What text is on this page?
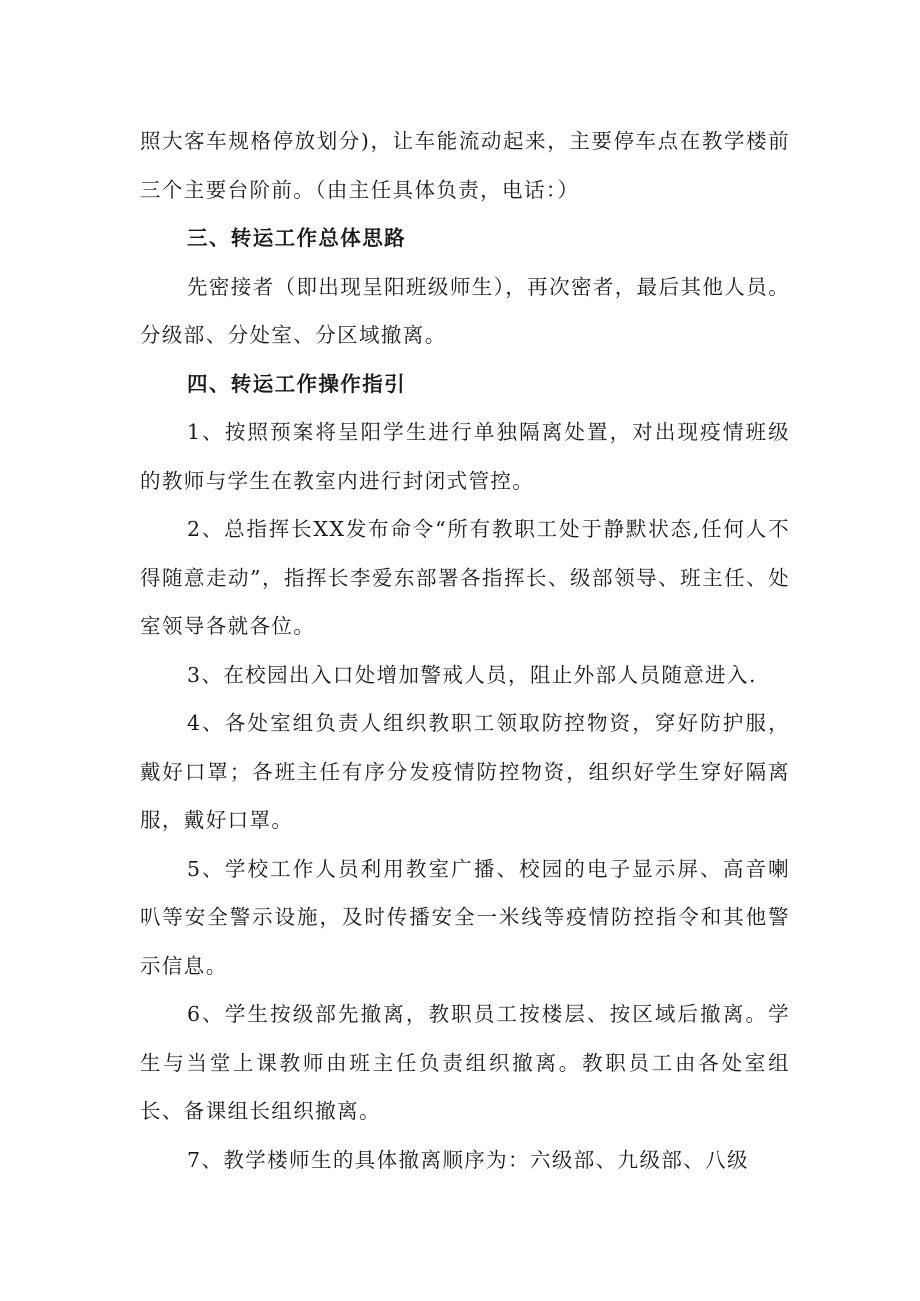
照大客车规格停放划分)，让车能流动起来，主要停车点在教学楼前三个主要台阶前。（由主任具体负责，电话：）

三、转运工作总体思路

先密接者（即出现呈阳班级师生），再次密者，最后其他人员。分级部、分处室、分区域撤离。

四、转运工作操作指引

1、按照预案将呈阳学生进行单独隔离处置，对出现疫情班级的教师与学生在教室内进行封闭式管控。

2、总指挥长XX发布命令“所有教职工处于静默状态,任何人不得随意走动”，指挥长李爱东部署各指挥长、级部领导、班主任、处室领导各就各位。

3、在校园出入口处增加警戒人员，阻止外部人员随意进入.

4、各处室组负责人组织教职工领取防控物资，穿好防护服，戴好口罩；各班主任有序分发疫情防控物资，组织好学生穿好隔离服，戴好口罩。

5、学校工作人员利用教室广播、校园的电子显示屏、高音喇叭等安全警示设施，及时传播安全一米线等疫情防控指令和其他警示信息。

6、学生按级部先撤离，教职员工按楼层、按区域后撤离。学生与当堂上课教师由班主任负责组织撤离。教职员工由各处室组长、备课组长组织撤离。

7、教学楼师生的具体撤离顺序为：六级部、九级部、八级
